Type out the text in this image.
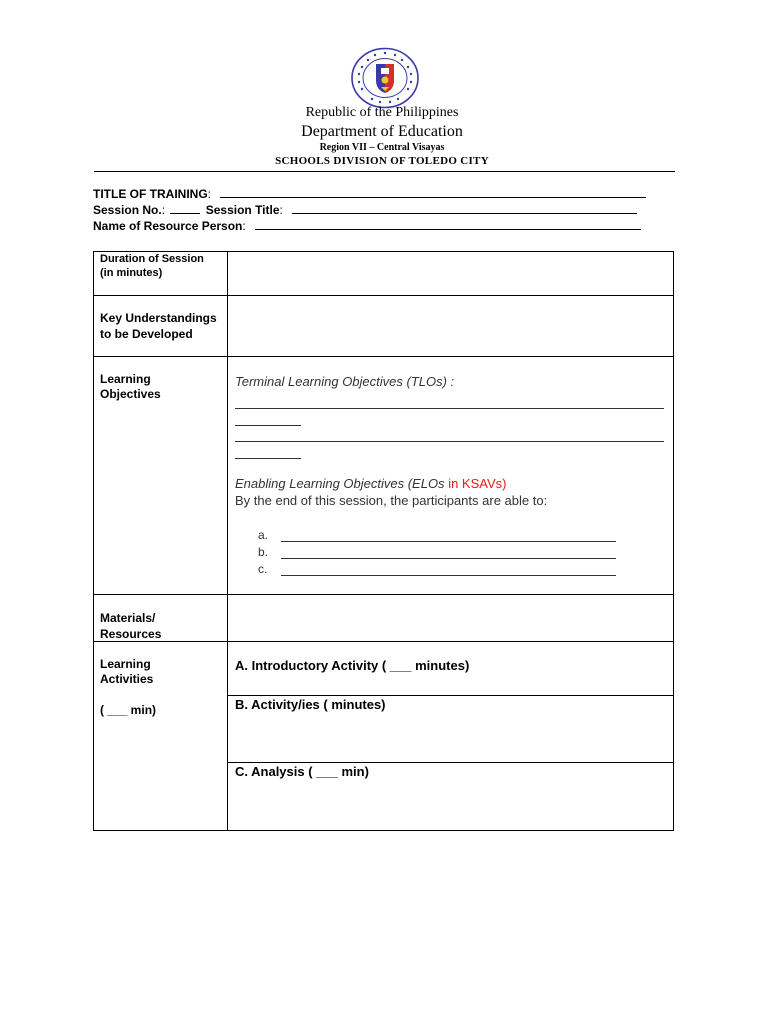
Republic of the Philippines
Department of Education
Region VII – Central Visayas
SCHOOLS DIVISION OF TOLEDO CITY
TITLE OF TRAINING:
Session No.:	Session Title:
Name of Resource Person:
Duration of Session (in minutes)
Key Understandings to be Developed
Learning Objectives
Materials/ Resources
Learning Activities
( ___ min)
Terminal Learning Objectives (TLOs) :
Enabling Learning Objectives (ELOs in KSAVs)
By the end of this session, the participants are able to:
a.
b.
c.
A. Introductory Activity ( ___ minutes)
B. Activity/ies ( minutes)
C. Analysis ( ___ min)
